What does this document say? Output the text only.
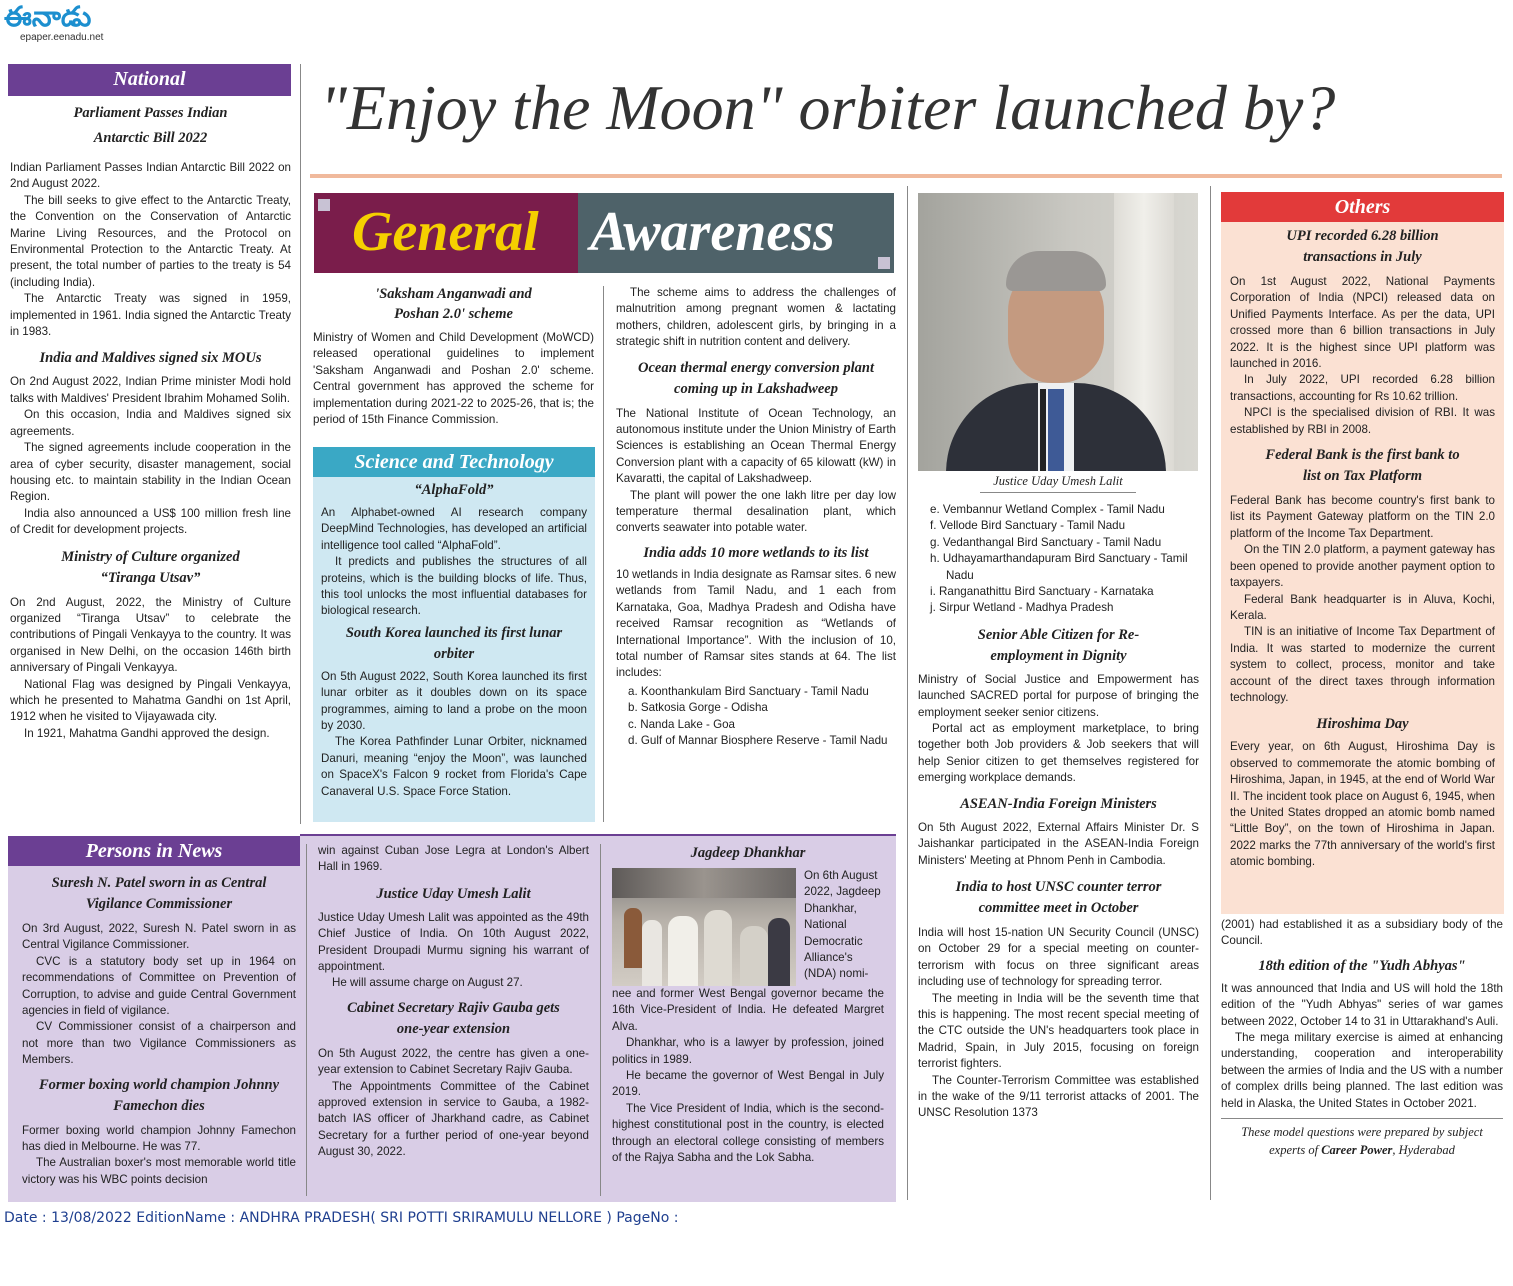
ఈనాడు
epaper.eenadu.net
"Enjoy the Moon" orbiter launched by?
National
Parliament Passes Indian Antarctic Bill 2022
Indian Parliament Passes Indian Antarctic Bill 2022 on 2nd August 2022.
The bill seeks to give effect to the Antarctic Treaty, the Convention on the Conservation of Antarctic Marine Living Resources, and the Protocol on Environmental Protection to the Antarctic Treaty. At present, the total number of parties to the treaty is 54 (including India).
The Antarctic Treaty was signed in 1959, implemented in 1961. India signed the Antarctic Treaty in 1983.
India and Maldives signed six MOUs
On 2nd August 2022, Indian Prime minister Modi hold talks with Maldives' President Ibrahim Mohamed Solih.
On this occasion, India and Maldives signed six agreements.
The signed agreements include cooperation in the area of cyber security, disaster management, social housing etc. to maintain stability in the Indian Ocean Region.
India also announced a US$ 100 million fresh line of Credit for development projects.
Ministry of Culture organized “Tiranga Utsav”
On 2nd August, 2022, the Ministry of Culture organized “Tiranga Utsav” to celebrate the contributions of Pingali Venkayya to the country. It was organised in New Delhi, on the occasion 146th birth anniversary of Pingali Venkayya.
National Flag was designed by Pingali Venkayya, which he presented to Mahatma Gandhi on 1st April, 1912 when he visited to Vijayawada city.
In 1921, Mahatma Gandhi approved the design.
General Awareness
'Saksham Anganwadi and Poshan 2.0' scheme
Ministry of Women and Child Development (MoWCD) released operational guidelines to implement 'Saksham Anganwadi and Poshan 2.0' scheme. Central government has approved the scheme for implementation during 2021-22 to 2025-26, that is; the period of 15th Finance Commission.
Science and Technology
“AlphaFold”
An Alphabet-owned AI research company DeepMind Technologies, has developed an artificial intelligence tool called “AlphaFold”.
It predicts and publishes the structures of all proteins, which is the building blocks of life. Thus, this tool unlocks the most influential databases for biological research.
South Korea launched its first lunar orbiter
On 5th August 2022, South Korea launched its first lunar orbiter as it doubles down on its space programmes, aiming to land a probe on the moon by 2030.
The Korea Pathfinder Lunar Orbiter, nicknamed Danuri, meaning “enjoy the Moon”, was launched on SpaceX's Falcon 9 rocket from Florida's Cape Canaveral U.S. Space Force Station.
The scheme aims to address the challenges of malnutrition among pregnant women & lactating mothers, children, adolescent girls, by bringing in a strategic shift in nutrition content and delivery.
Ocean thermal energy conversion plant coming up in Lakshadweep
The National Institute of Ocean Technology, an autonomous institute under the Union Ministry of Earth Sciences is establishing an Ocean Thermal Energy Conversion plant with a capacity of 65 kilowatt (kW) in Kavaratti, the capital of Lakshadweep.
The plant will power the one lakh litre per day low temperature thermal desalination plant, which converts seawater into potable water.
India adds 10 more wetlands to its list
10 wetlands in India designate as Ramsar sites. 6 new wetlands from Tamil Nadu, and 1 each from Karnataka, Goa, Madhya Pradesh and Odisha have received Ramsar recognition as “Wetlands of International Importance”. With the inclusion of 10, total number of Ramsar sites stands at 64. The list includes:
a. Koonthankulam Bird Sanctuary - Tamil Nadu
b. Satkosia Gorge - Odisha
c. Nanda Lake - Goa
d. Gulf of Mannar Biosphere Reserve - Tamil Nadu
Persons in News
Suresh N. Patel sworn in as Central Vigilance Commissioner
On 3rd August, 2022, Suresh N. Patel sworn in as Central Vigilance Commissioner.
CVC is a statutory body set up in 1964 on recommendations of Committee on Prevention of Corruption, to advise and guide Central Government agencies in field of vigilance.
CV Commissioner consist of a chairperson and not more than two Vigilance Commissioners as Members.
Former boxing world champion Johnny Famechon dies
Former boxing world champion Johnny Famechon has died in Melbourne. He was 77.
The Australian boxer's most memorable world title victory was his WBC points decision
win against Cuban Jose Legra at London's Albert Hall in 1969.
Justice Uday Umesh Lalit
Justice Uday Umesh Lalit was appointed as the 49th Chief Justice of India. On 10th August 2022, President Droupadi Murmu signing his warrant of appointment.
He will assume charge on August 27.
Cabinet Secretary Rajiv Gauba gets one-year extension
On 5th August 2022, the centre has given a one-year extension to Cabinet Secretary Rajiv Gauba.
The Appointments Committee of the Cabinet approved extension in service to Gauba, a 1982-batch IAS officer of Jharkhand cadre, as Cabinet Secretary for a further period of one-year beyond August 30, 2022.
Jagdeep Dhankhar
On 6th August 2022, Jagdeep Dhankhar, National Democratic Alliance's (NDA) nomi-
nee and former West Bengal governor became the 16th Vice-President of India. He defeated Margret Alva.
Dhankhar, who is a lawyer by profession, joined politics in 1989.
He became the governor of West Bengal in July 2019.
The Vice President of India, which is the second-highest constitutional post in the country, is elected through an electoral college consisting of members of the Rajya Sabha and the Lok Sabha.
Justice Uday Umesh Lalit
e. Vembannur Wetland Complex - Tamil Nadu
f. Vellode Bird Sanctuary - Tamil Nadu
g. Vedanthangal Bird Sanctuary - Tamil Nadu
h. Udhayamarthandapuram Bird Sanctuary - Tamil Nadu
i. Ranganathittu Bird Sanctuary - Karnataka
j. Sirpur Wetland - Madhya Pradesh
Senior Able Citizen for Re-employment in Dignity
Ministry of Social Justice and Empowerment has launched SACRED portal for purpose of bringing the employment seeker senior citizens.
Portal act as employment marketplace, to bring together both Job providers & Job seekers that will help Senior citizen to get themselves registered for emerging workplace demands.
ASEAN-India Foreign Ministers
On 5th August 2022, External Affairs Minister Dr. S Jaishankar participated in the ASEAN-India Foreign Ministers' Meeting at Phnom Penh in Cambodia.
India to host UNSC counter terror committee meet in October
India will host 15-nation UN Security Council (UNSC) on October 29 for a special meeting on counter-terrorism with focus on three significant areas including use of technology for spreading terror.
The meeting in India will be the seventh time that this is happening. The most recent special meeting of the CTC outside the UN's headquarters took place in Madrid, Spain, in July 2015, focusing on foreign terrorist fighters.
The Counter-Terrorism Committee was established in the wake of the 9/11 terrorist attacks of 2001. The UNSC Resolution 1373
Others
UPI recorded 6.28 billion transactions in July
On 1st August 2022, National Payments Corporation of India (NPCI) released data on Unified Payments Interface. As per the data, UPI crossed more than 6 billion transactions in July 2022. It is the highest since UPI platform was launched in 2016.
In July 2022, UPI recorded 6.28 billion transactions, accounting for Rs 10.62 trillion.
NPCI is the specialised division of RBI. It was established by RBI in 2008.
Federal Bank is the first bank to list on Tax Platform
Federal Bank has become country's first bank to list its Payment Gateway platform on the TIN 2.0 platform of the Income Tax Department.
On the TIN 2.0 platform, a payment gateway has been opened to provide another payment option to taxpayers.
Federal Bank headquarter is in Aluva, Kochi, Kerala.
TIN is an initiative of Income Tax Department of India. It was started to modernize the current system to collect, process, monitor and take account of the direct taxes through information technology.
Hiroshima Day
Every year, on 6th August, Hiroshima Day is observed to commemorate the atomic bombing of Hiroshima, Japan, in 1945, at the end of World War II. The incident took place on August 6, 1945, when the United States dropped an atomic bomb named “Little Boy”, on the town of Hiroshima in Japan. 2022 marks the 77th anniversary of the world's first atomic bombing.
(2001) had established it as a subsidiary body of the Council.
18th edition of the "Yudh Abhyas"
It was announced that India and US will hold the 18th edition of the "Yudh Abhyas" series of war games between 2022, October 14 to 31 in Uttarakhand's Auli.
The mega military exercise is aimed at enhancing understanding, cooperation and interoperability between the armies of India and the US with a number of complex drills being planned. The last edition was held in Alaska, the United States in October 2021.
These model questions were prepared by subject experts of Career Power, Hyderabad
Date : 13/08/2022 EditionName : ANDHRA PRADESH( SRI POTTI SRIRAMULU NELLORE ) PageNo :
